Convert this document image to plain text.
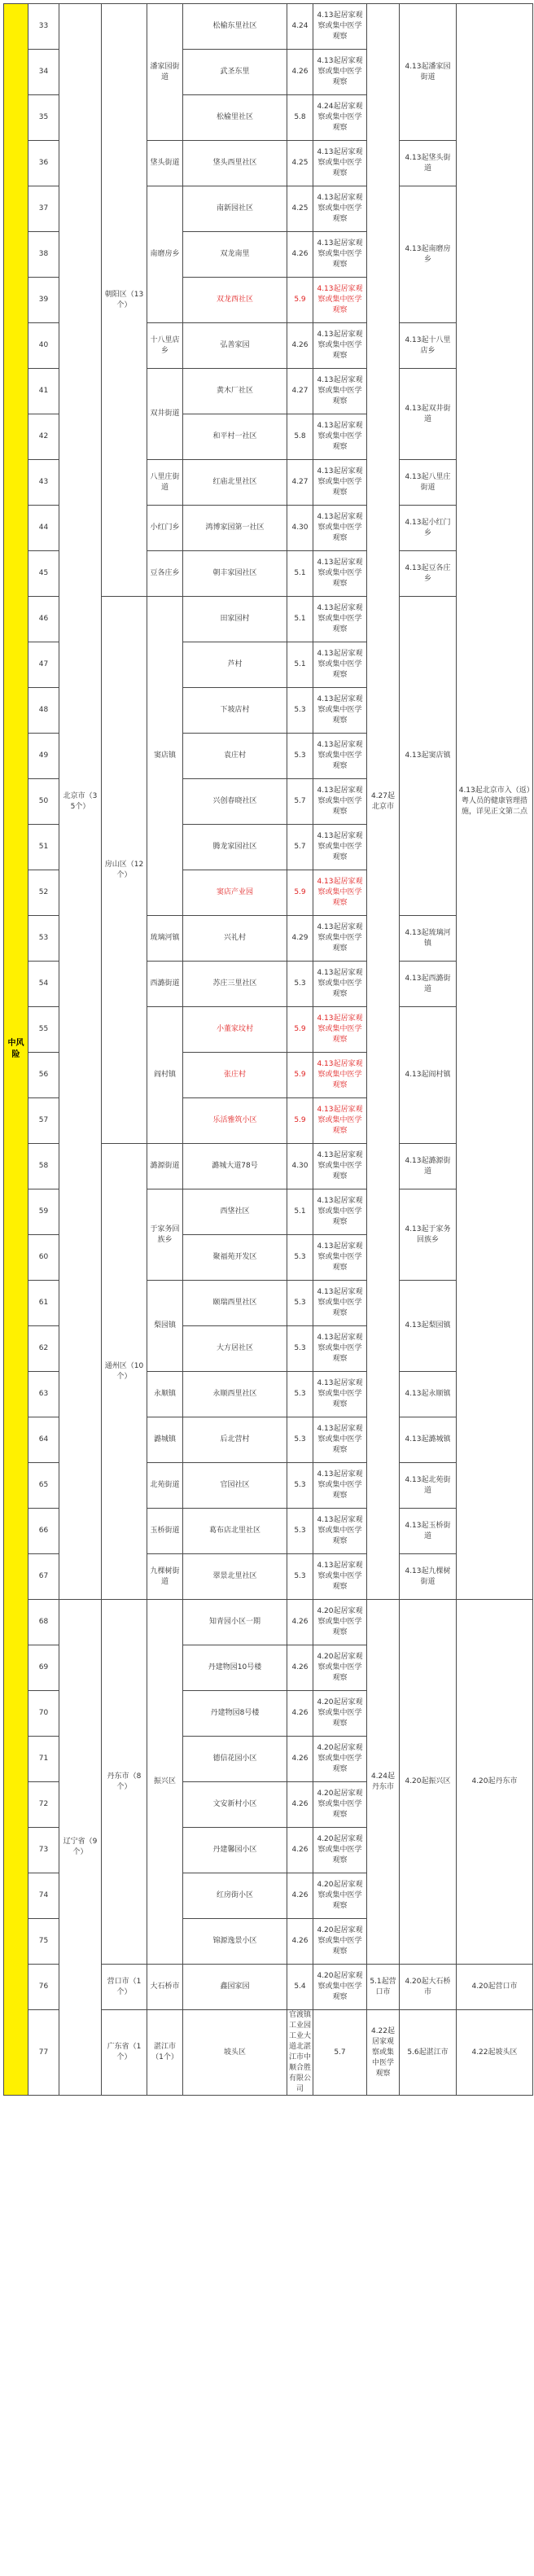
中风险	33	北京市（35个）	朝阳区（13个）	潘家园街道	松榆东里社区	4.24	4.13起居家观察或集中医学观察	4.27起北京市	4.13起潘家园街道	4.13起北京市入（返）粤人员的健康管理措施，详见正文第二点	
	34				武圣东里	4.26	4.13起居家观察或集中医学观察				
	35				松榆里社区	5.8	4.24起居家观察或集中医学观察				
	36			垡头街道	垡头西里社区	4.25	4.13起居家观察或集中医学观察		4.13起垡头街道		
	37			南磨房乡	南新园社区	4.25	4.13起居家观察或集中医学观察		4.13起南磨房乡		
	38				双龙南里	4.26	4.13起居家观察或集中医学观察				
	39				双龙西社区	5.9	4.13起居家观察或集中医学观察				
	40			十八里店乡	弘善家园	4.26	4.13起居家观察或集中医学观察		4.13起十八里店乡		
	41			双井街道	黄木厂社区	4.27	4.13起居家观察或集中医学观察		4.13起双井街道		
	42				和平村一社区	5.8	4.13起居家观察或集中医学观察				
	43			八里庄街道	红庙北里社区	4.27	4.13起居家观察或集中医学观察		4.13起八里庄街道		
	44			小红门乡	鸿博家园第一社区	4.30	4.13起居家观察或集中医学观察		4.13起小红门乡		
	45			豆各庄乡	朝丰家园社区	5.1	4.13起居家观察或集中医学观察		4.13起豆各庄乡		
	46		房山区（12个）	窦店镇	田家园村	5.1	4.13起居家观察或集中医学观察		4.13起窦店镇		
	47				芦村	5.1	4.13起居家观察或集中医学观察				
	48				下坡店村	5.3	4.13起居家观察或集中医学观察				
	49				袁庄村	5.3	4.13起居家观察或集中医学观察				
	50				兴创春晓社区	5.7	4.13起居家观察或集中医学观察				
	51				腾龙家园社区	5.7	4.13起居家观察或集中医学观察				
	52				窦店产业园	5.9	4.13起居家观察或集中医学观察				
	53			琉璃河镇	兴礼村	4.29	4.13起居家观察或集中医学观察		4.13起琉璃河镇		
	54			西潞街道	苏庄三里社区	5.3	4.13起居家观察或集中医学观察		4.13起西潞街道		
	55			阎村镇	小董家坟村	5.9	4.13起居家观察或集中医学观察		4.13起阎村镇		
	56				张庄村	5.9	4.13起居家观察或集中医学观察				
	57				乐活雅筑小区	5.9	4.13起居家观察或集中医学观察				
	58		通州区（10个）	潞源街道	潞城大道78号	4.30	4.13起居家观察或集中医学观察		4.13起潞源街道		
	59			于家务回族乡	西垡社区	5.1	4.13起居家观察或集中医学观察		4.13起于家务回族乡		
	60				聚福苑开发区	5.3	4.13起居家观察或集中医学观察				
	61			梨园镇	颐瑞西里社区	5.3	4.13起居家观察或集中医学观察		4.13起梨园镇		
	62				大方居社区	5.3	4.13起居家观察或集中医学观察				
	63			永顺镇	永顺西里社区	5.3	4.13起居家观察或集中医学观察		4.13起永顺镇		
	64			潞城镇	后北营村	5.3	4.13起居家观察或集中医学观察		4.13起潞城镇		
	65			北苑街道	官园社区	5.3	4.13起居家观察或集中医学观察		4.13起北苑街道		
	66			玉桥街道	葛布店北里社区	5.3	4.13起居家观察或集中医学观察		4.13起玉桥街道		
	67			九棵树街道	翠景北里社区	5.3	4.13起居家观察或集中医学观察		4.13起九棵树街道		
	68	辽宁省（9个）	丹东市（8个）	振兴区	知青园小区一期	4.26	4.20起居家观察或集中医学观察	4.24起丹东市	4.20起振兴区	4.20起丹东市	
	69				丹建物园10号楼	4.26	4.20起居家观察或集中医学观察				
	70				丹建物园8号楼	4.26	4.20起居家观察或集中医学观察				
	71				德信花园小区	4.26	4.20起居家观察或集中医学观察				
	72				文安新村小区	4.26	4.20起居家观察或集中医学观察				
	73				丹建馨园小区	4.26	4.20起居家观察或集中医学观察				
	74				红房街小区	4.26	4.20起居家观察或集中医学观察				
	75				锦源逸景小区	4.26	4.20起居家观察或集中医学观察				
	76		营口市（1个）	大石桥市	鑫园家园	5.4	4.20起居家观察或集中医学观察	5.1起营口市	4.20起大石桥市	4.20起营口市	
	77		广东省（1个）	湛江市（1个）	坡头区	官渡镇工业园工业大道北湛江市中顺合胜有限公司	5.7	4.22起居家观察或集中医学观察	5.6起湛江市	4.22起坡头区	
